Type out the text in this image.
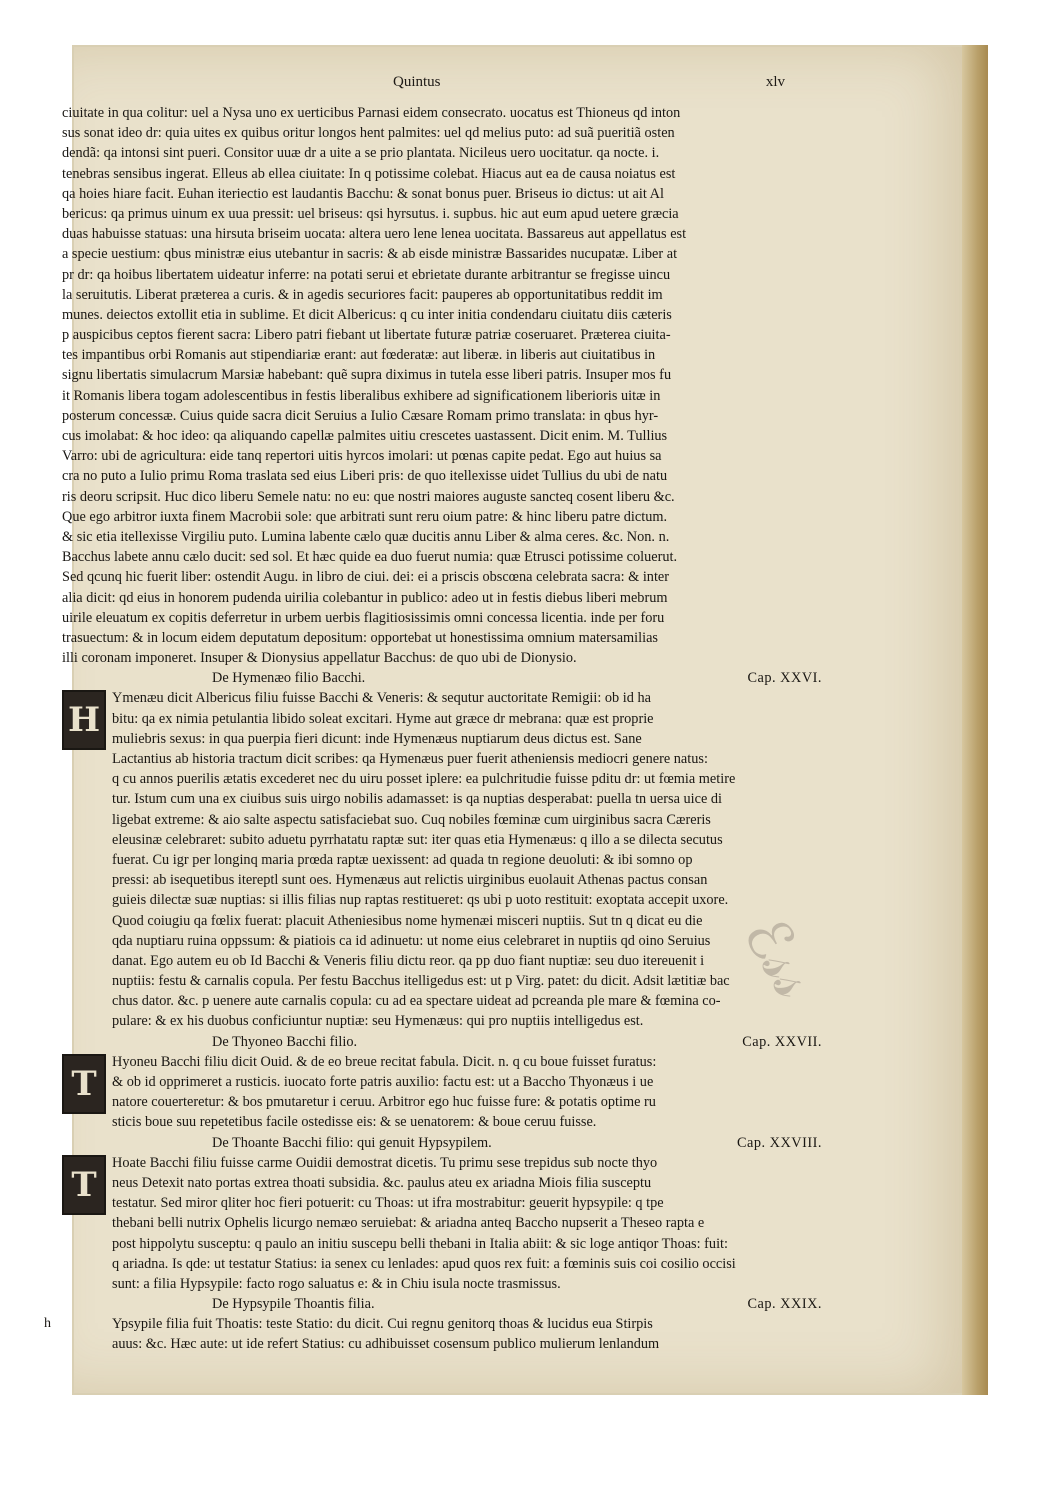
Quintus	xlv
ciuitate in qua colitur: uel a Nysa uno ex uerticibus Parnasi eidem consecrato. uocatus est Thioneus qd inton
sus sonat ideo dr: quia uites ex quibus oritur longos hent palmites: uel qd melius puto: ad suã pueritiã osten
dendã: qa intonsi sint pueri. Consitor uuæ dr a uite a se prio plantata. Nicileus uero uocitatur. qa nocte. i.
tenebras sensibus ingerat. Elleus ab ellea ciuitate: In q potissime colebat. Hiacus aut ea de causa noiatus est
qa hoies hiare facit. Euhan iteriectio est laudantis Bacchu: & sonat bonus puer. Briseus io dictus: ut ait Al
bericus: qa primus uinum ex uua pressit: uel briseus: qsi hyrsutus. i. supbus. hic aut eum apud uetere græcia
duas habuisse statuas: una hirsuta briseim uocata: altera uero lene lenea uocitata. Bassareus aut appellatus est
a specie uestium: qbus ministræ eius utebantur in sacris: & ab eisde ministræ Bassarides nucupatæ. Liber at
pr dr: qa hoibus libertatem uideatur inferre: na potati serui et ebrietate durante arbitrantur se fregisse uincu
la seruitutis. Liberat præterea a curis. & in agedis securiores facit: pauperes ab opportunitatibus reddit im
munes. deiectos extollit etia in sublime. Et dicit Albericus: q cu inter initia condendaru ciuitatu diis cæteris
p auspicibus ceptos fierent sacra: Libero patri fiebant ut libertate futuræ patriæ coseruaret. Præterea ciuita-
tes impantibus orbi Romanis aut stipendiariæ erant: aut fœderatæ: aut liberæ. in liberis aut ciuitatibus in
signu libertatis simulacrum Marsiæ habebant: quẽ supra diximus in tutela esse liberi patris. Insuper mos fu
it Romanis libera togam adolescentibus in festis liberalibus exhibere ad significationem liberioris uitæ in
posterum concessæ. Cuius quide sacra dicit Seruius a Iulio Cæsare Romam primo translata: in qbus hyr-
cus imolabat: & hoc ideo: qa aliquando capellæ palmites uitiu crescetes uastassent. Dicit enim. M. Tullius
Varro: ubi de agricultura: eide tanq repertori uitis hyrcos imolari: ut pœnas capite pedat. Ego aut huius sa
cra no puto a Iulio primu Roma traslata sed eius Liberi pris: de quo itellexisse uidet Tullius du ubi de natu
ris deoru scripsit. Huc dico liberu Semele natu: no eu: que nostri maiores auguste sancteq cosent liberu &c.
Que ego arbitror iuxta finem Macrobii sole: que arbitrati sunt reru oium patre: & hinc liberu patre dictum.
& sic etia itellexisse Virgiliu puto. Lumina labente cælo quæ ducitis annu Liber & alma ceres. &c. Non. n.
Bacchus labete annu cælo ducit: sed sol. Et hæc quide ea duo fuerut numia: quæ Etrusci potissime coluerut.
Sed qcunq hic fuerit liber: ostendit Augu. in libro de ciui. dei: ei a priscis obscœna celebrata sacra: & inter
alia dicit: qd eius in honorem pudenda uirilia colebantur in publico: adeo ut in festis diebus liberi mebrum
uirile eleuatum ex copitis deferretur in urbem uerbis flagitiosissimis omni concessa licentia. inde per foru
trasuectum: & in locum eidem deputatum depositum: opportebat ut honestissima omnium matersamilias
illi coronam imponeret. Insuper & Dionysius appellatur Bacchus: de quo ubi de Dionysio.
De Hymenæo filio Bacchi.	Cap. XXVI.
H
Ymenæu dicit Albericus filiu fuisse Bacchi & Veneris: & sequtur auctoritate Remigii: ob id ha
bitu: qa ex nimia petulantia libido soleat excitari. Hyme aut græce dr mebrana: quæ est proprie
muliebris sexus: in qua puerpia fieri dicunt: inde Hymenæus nuptiarum deus dictus est. Sane
Lactantius ab historia tractum dicit scribes: qa Hymenæus puer fuerit atheniensis mediocri genere natus:
q cu annos puerilis ætatis excederet nec du uiru posset iplere: ea pulchritudie fuisse pditu dr: ut fœmia metire
tur. Istum cum una ex ciuibus suis uirgo nobilis adamasset: is qa nuptias desperabat: puella tn uersa uice di
ligebat extreme: & aio salte aspectu satisfaciebat suo. Cuq nobiles fœminæ cum uirginibus sacra Cæreris
eleusinæ celebraret: subito aduetu pyrrhatatu raptæ sut: iter quas etia Hymenæus: q illo a se dilecta secutus
fuerat. Cu igr per longinq maria prœda raptæ uexissent: ad quada tn regione deuoluti: & ibi somno op
pressi: ab isequetibus itereptl sunt oes. Hymenæus aut relictis uirginibus euolauit Athenas pactus consan
guieis dilectæ suæ nuptias: si illis filias nup raptas restitueret: qs ubi p uoto restituit: exoptata accepit uxore.
Quod coiugiu qa fœlix fuerat: placuit Atheniesibus nome hymenæi misceri nuptiis. Sut tn q dicat eu die
qda nuptiaru ruina oppssum: & piatiois ca id adinuetu: ut nome eius celebraret in nuptiis qd oino Seruius
danat. Ego autem eu ob Id Bacchi & Veneris filiu dictu reor. qa pp duo fiant nuptiæ: seu duo itereuenit i
nuptiis: festu & carnalis copula. Per festu Bacchus itelligedus est: ut p Virg. patet: du dicit. Adsit lætitiæ bac
chus dator. &c. p uenere aute carnalis copula: cu ad ea spectare uideat ad pcreanda ple mare & fœmina co-
pulare: & ex his duobus conficiuntur nuptiæ: seu Hymenæus: qui pro nuptiis intelligedus est.
De Thyoneo Bacchi filio.	Cap. XXVII.
T
Hyoneu Bacchi filiu dicit Ouid. & de eo breue recitat fabula. Dicit. n. q cu boue fuisset furatus:
& ob id opprimeret a rusticis. iuocato forte patris auxilio: factu est: ut a Baccho Thyonæus i ue
natore couerteretur: & bos pmutaretur i ceruu. Arbitror ego huc fuisse fure: & potatis optime ru
sticis boue suu repetetibus facile ostedisse eis: & se uenatorem: & boue ceruu fuisse.
De Thoante Bacchi filio: qui genuit Hypsypilem.	Cap. XXVIII.
T
Hoate Bacchi filiu fuisse carme Ouidii demostrat dicetis. Tu primu sese trepidus sub nocte thyo
neus Detexit nato portas extrea thoati subsidia. &c. paulus ateu ex ariadna Miois filia susceptu
testatur. Sed miror qliter hoc fieri potuerit: cu Thoas: ut ifra mostrabitur: geuerit hypsypile: q tpe
thebani belli nutrix Ophelis licurgo nemæo seruiebat: & ariadna anteq Baccho nupserit a Theseo rapta e
post hippolytu susceptu: q paulo an initiu suscepu belli thebani in Italia abiit: & sic loge antiqor Thoas: fuit:
q ariadna. Is qde: ut testatur Statius: ia senex cu lenlades: apud quos rex fuit: a fœminis suis coi cosilio occisi
sunt: a filia Hypsypile: facto rogo saluatus e: & in Chiu isula nocte trasmissus.
De Hypsypile Thoantis filia.	Cap. XXIX.
h	Ypsypile filia fuit Thoatis: teste Statio: du dicit. Cui regnu genitorq thoas & lucidus eua Stirpis
auus: &c. Hæc aute: ut ide refert Statius: cu adhibuisset cosensum publico mulierum lenlandum
ℰ𝓈𝓈
